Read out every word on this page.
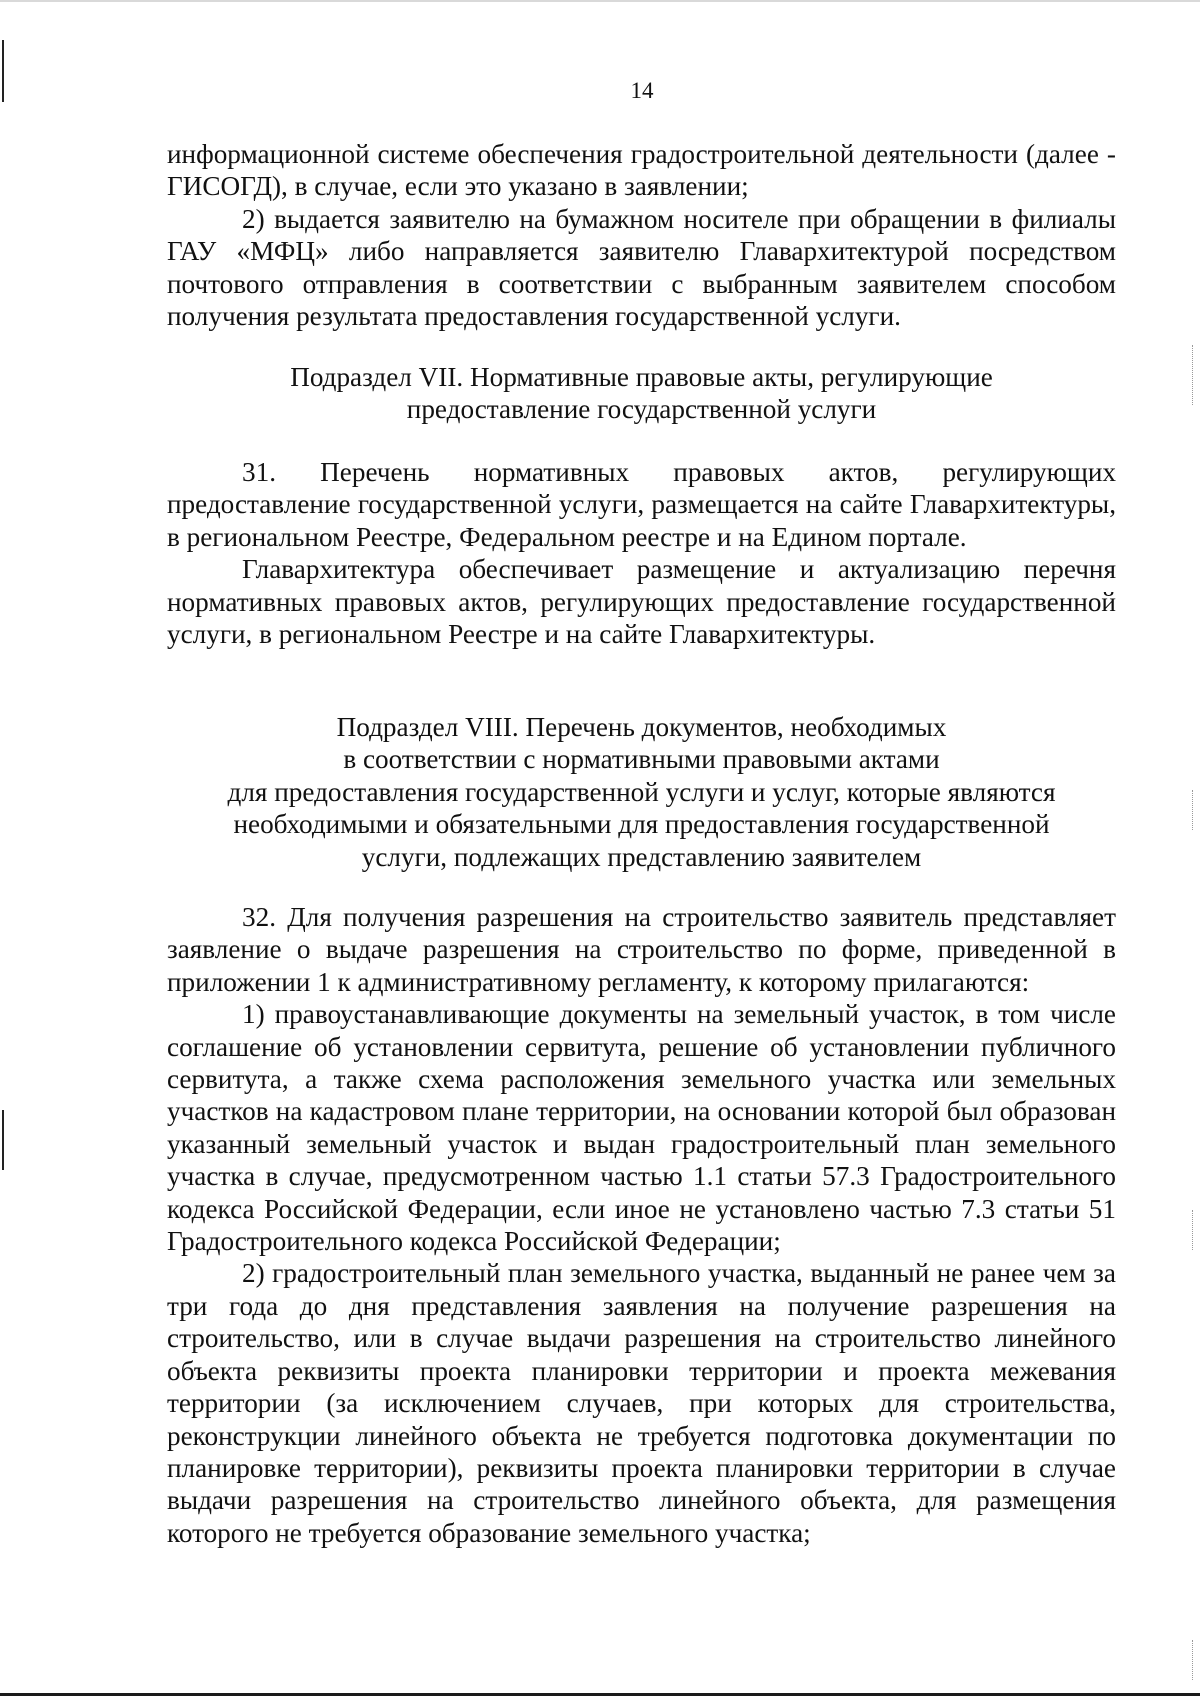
14

информационной системе обеспечения градостроительной деятельности (далее - ГИСОГД), в случае, если это указано в заявлении;

2) выдается заявителю на бумажном носителе при обращении в филиалы ГАУ «МФЦ» либо направляется заявителю Главархитектурой посредством почтового отправления в соответствии с выбранным заявителем способом получения результата предоставления государственной услуги.

Подраздел VII. Нормативные правовые акты, регулирующие
предоставление государственной услуги

31. Перечень нормативных правовых актов, регулирующих предоставление государственной услуги, размещается на сайте Главархитектуры, в региональном Реестре, Федеральном реестре и на Едином портале.

Главархитектура обеспечивает размещение и актуализацию перечня нормативных правовых актов, регулирующих предоставление государственной услуги, в региональном Реестре и на сайте Главархитектуры.

Подраздел VIII. Перечень документов, необходимых
в соответствии с нормативными правовыми актами
для предоставления государственной услуги и услуг, которые являются
необходимыми и обязательными для предоставления государственной
услуги, подлежащих представлению заявителем

32. Для получения разрешения на строительство заявитель представляет заявление о выдаче разрешения на строительство по форме, приведенной в приложении 1 к административному регламенту, к которому прилагаются:

1) правоустанавливающие документы на земельный участок, в том числе соглашение об установлении сервитута, решение об установлении публичного сервитута, а также схема расположения земельного участка или земельных участков на кадастровом плане территории, на основании которой был образован указанный земельный участок и выдан градостроительный план земельного участка в случае, предусмотренном частью 1.1 статьи 57.3 Градостроительного кодекса Российской Федерации, если иное не установлено частью 7.3 статьи 51 Градостроительного кодекса Российской Федерации;

2) градостроительный план земельного участка, выданный не ранее чем за три года до дня представления заявления на получение разрешения на строительство, или в случае выдачи разрешения на строительство линейного объекта реквизиты проекта планировки территории и проекта межевания территории (за исключением случаев, при которых для строительства, реконструкции линейного объекта не требуется подготовка документации по планировке территории), реквизиты проекта планировки территории в случае выдачи разрешения на строительство линейного объекта, для размещения которого не требуется образование земельного участка;
